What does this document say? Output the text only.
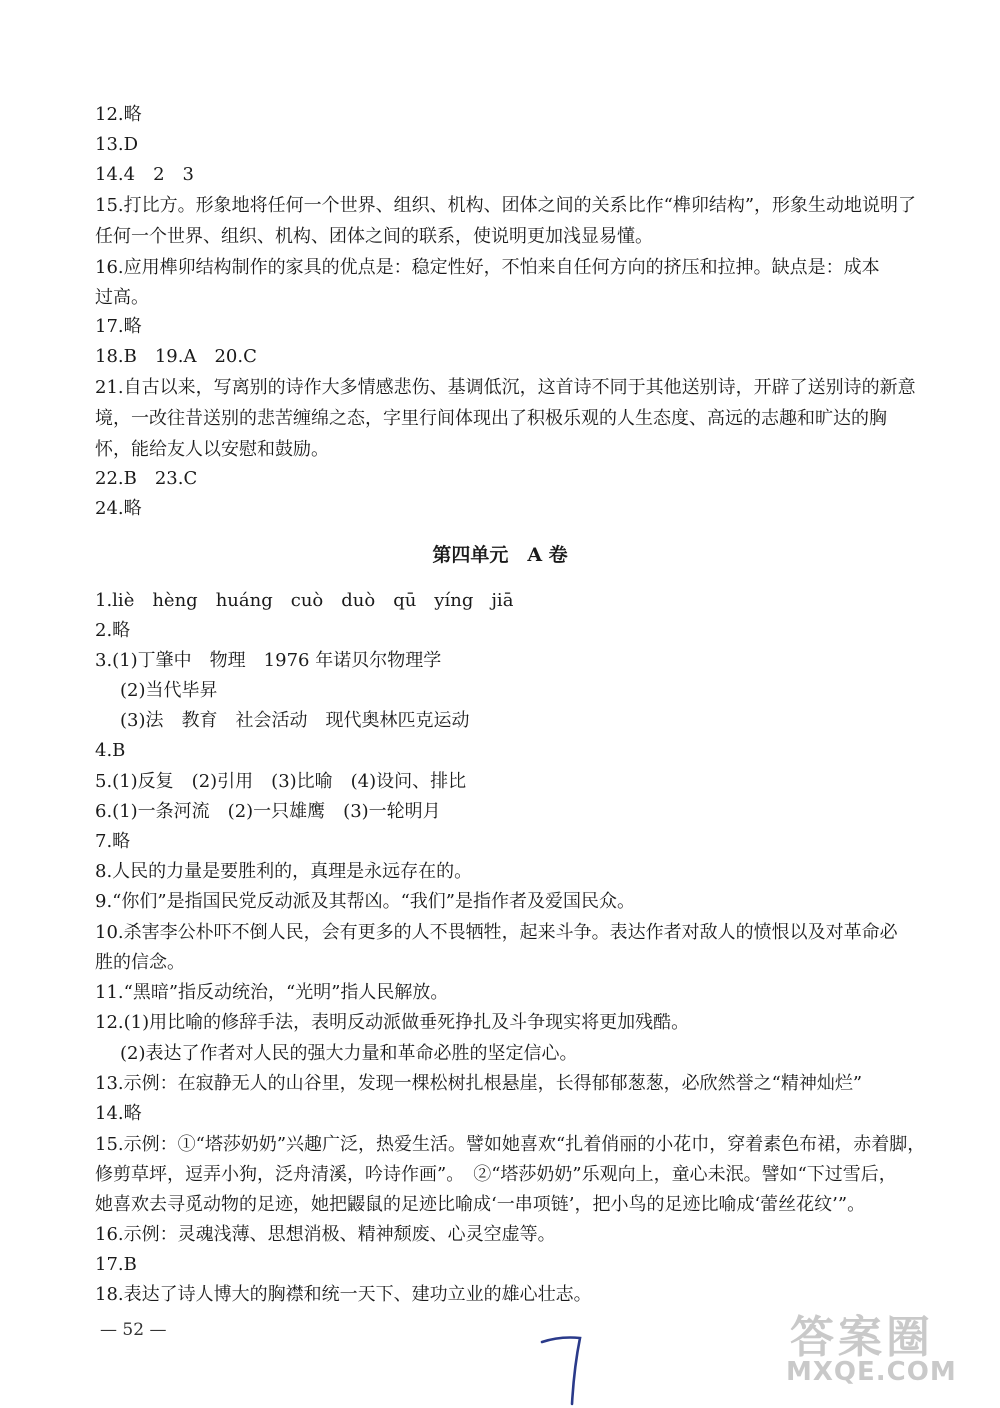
12.略
13.D
14.4　2　3
15.打比方。形象地将任何一个世界、组织、机构、团体之间的关系比作“榫卯结构”，形象生动地说明了
任何一个世界、组织、机构、团体之间的联系，使说明更加浅显易懂。
16.应用榫卯结构制作的家具的优点是：稳定性好，不怕来自任何方向的挤压和拉抻。缺点是：成本
过高。
17.略
18.B　19.A　20.C
21.自古以来，写离别的诗作大多情感悲伤、基调低沉，这首诗不同于其他送别诗，开辟了送别诗的新意
境，一改往昔送别的悲苦缠绵之态，字里行间体现出了积极乐观的人生态度、高远的志趣和旷达的胸
怀，能给友人以安慰和鼓励。
22.B　23.C
24.略
第四单元　A 卷
1.liè　hèng　huáng　cuò　duò　qū　yíng　jiā
2.略
3.(1)丁肇中　物理　1976 年诺贝尔物理学
(2)当代毕昇
(3)法　教育　社会活动　现代奥林匹克运动
4.B
5.(1)反复　(2)引用　(3)比喻　(4)设问、排比
6.(1)一条河流　(2)一只雄鹰　(3)一轮明月
7.略
8.人民的力量是要胜利的，真理是永远存在的。
9.“你们”是指国民党反动派及其帮凶。“我们”是指作者及爱国民众。
10.杀害李公朴吓不倒人民，会有更多的人不畏牺牲，起来斗争。表达作者对敌人的愤恨以及对革命必
胜的信念。
11.“黑暗”指反动统治，“光明”指人民解放。
12.(1)用比喻的修辞手法，表明反动派做垂死挣扎及斗争现实将更加残酷。
(2)表达了作者对人民的强大力量和革命必胜的坚定信心。
13.示例：在寂静无人的山谷里，发现一棵松树扎根悬崖，长得郁郁葱葱，必欣然誉之“精神灿烂”
14.略
15.示例：①“塔莎奶奶”兴趣广泛，热爱生活。譬如她喜欢“扎着俏丽的小花巾，穿着素色布裙，赤着脚，
修剪草坪，逗弄小狗，泛舟清溪，吟诗作画”。　②“塔莎奶奶”乐观向上，童心未泯。譬如“下过雪后，
她喜欢去寻觅动物的足迹，她把鼹鼠的足迹比喻成‘一串项链’，把小鸟的足迹比喻成‘蕾丝花纹’”。
16.示例：灵魂浅薄、思想消极、精神颓废、心灵空虚等。
17.B
18.表达了诗人博大的胸襟和统一天下、建功立业的雄心壮志。
— 52 —	答案圈
MXQE.COM
